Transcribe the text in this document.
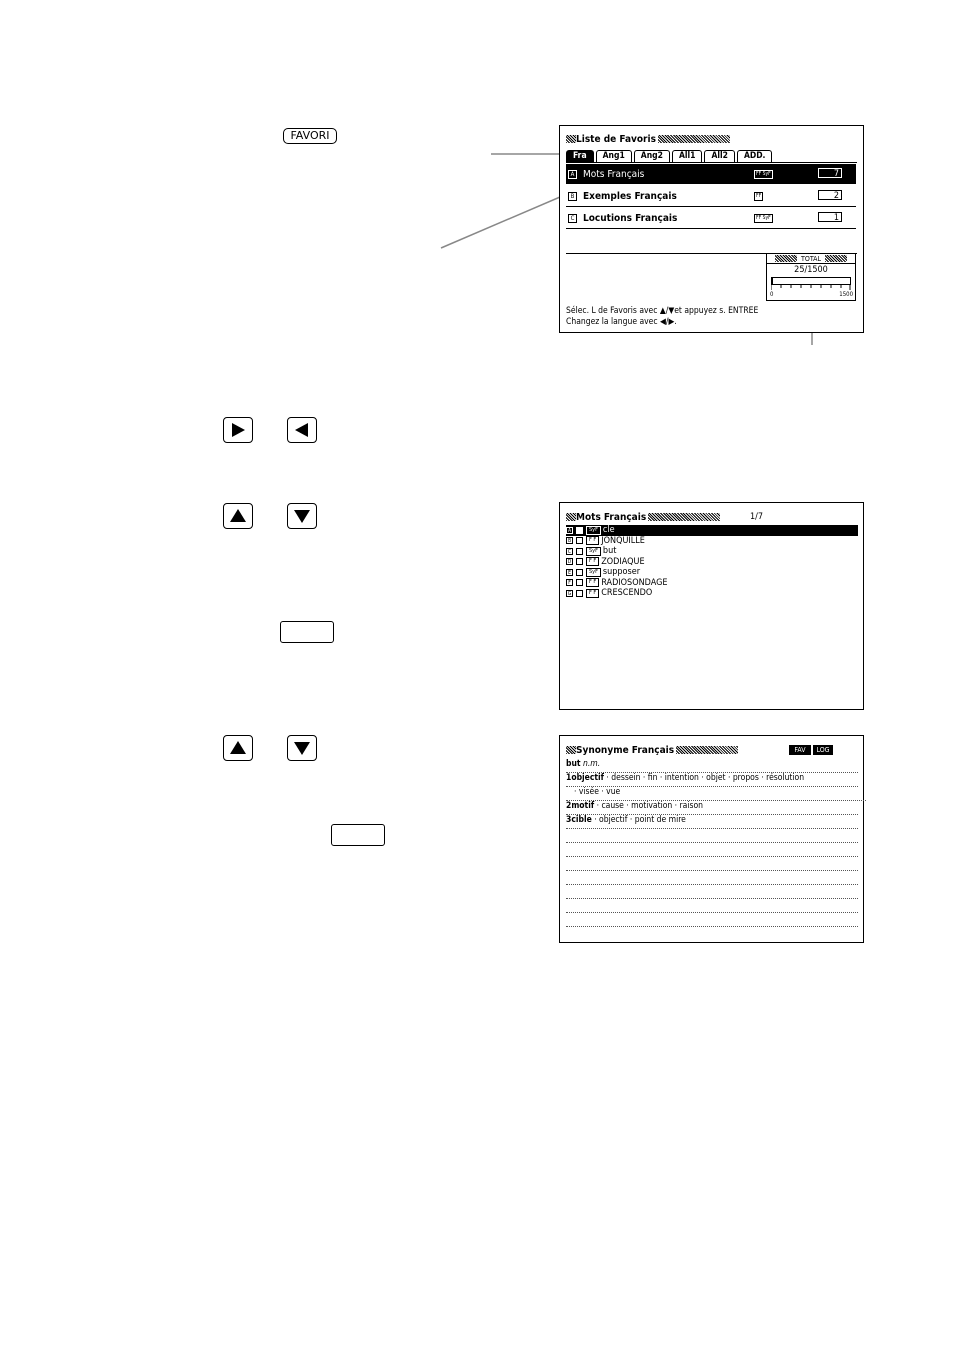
FAVORI	Liste de Favoris
Fra	Ang1	Ang2	All1	All2	ADD.
A Mots Français	FF SyF	7
B Exemples Français	FF	2
C Locutions Français	FF SyF	1
TOTAL
25/1500
0	1500
Sélec. L de Favoris avec ▲/▼et appuyez s. ENTREE
Changez la langue avec ◀/▶.
Mots Français	1/7
A	SyF cle
B	F F JONQUILLE
C	SyF but
D	F F ZODIAQUE
E	SyF supposer
F	F F RADIOSONDAGE
G	F F CRESCENDO
Synonyme Français	FAV	LOG
but n.m.
1objectif · dessein · fin · intention · objet · propos · résolution
· visée · vue
2motif · cause · motivation · raison
3cible · objectif · point de mire
